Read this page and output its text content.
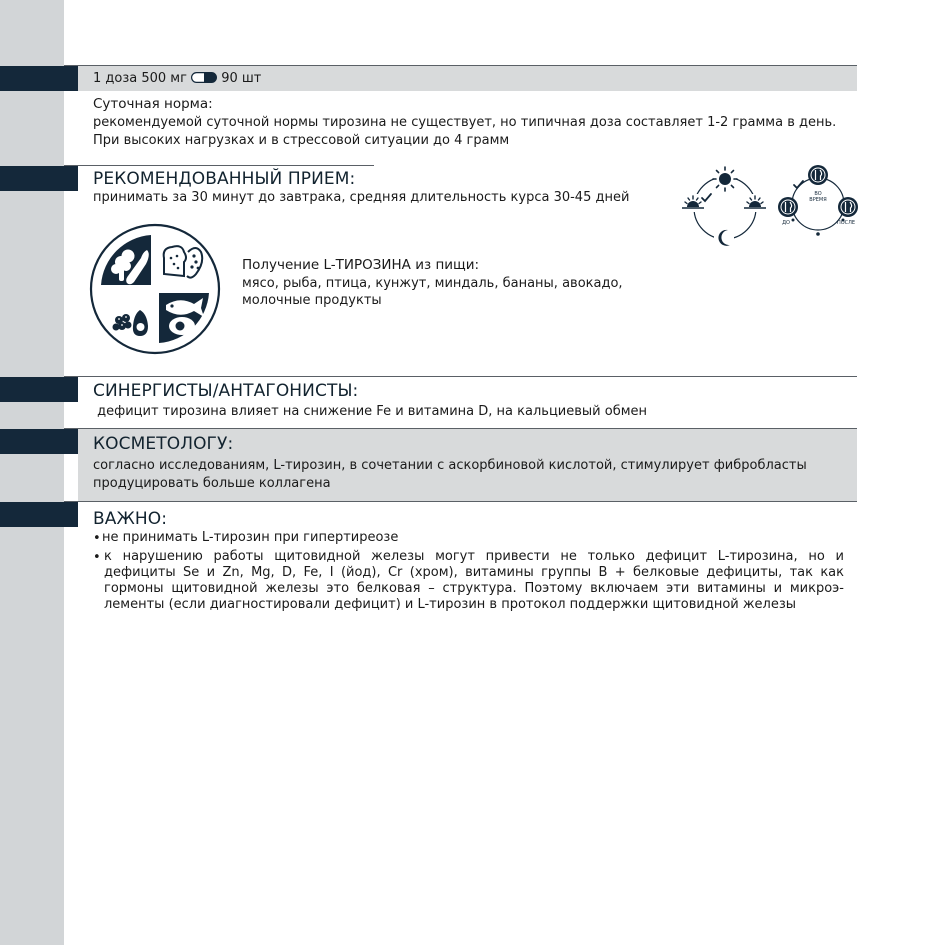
1 доза 500 мг	90 шт
Суточная норма:
рекомендуемой суточной нормы тирозина не существует, но типичная доза составляет 1-2 грамма в день.
При высоких нагрузках и в стрессовой ситуации до 4 грамм
РЕКОМЕНДОВАННЫЙ ПРИЕМ:
принимать за 30 минут до завтрака, средняя длительность курса 30-45 дней	ВО
ВРЕМЯ
ДО	ПОСЛЕ
Получение L-ТИРОЗИНА из пищи:
мясо, рыба, птица, кунжут, миндаль, бананы, авокадо,
молочные продукты
СИНЕРГИСТЫ/АНТАГОНИСТЫ:
дефицит тирозина влияет на снижение Fe и витамина D, на кальциевый обмен
КОСМЕТОЛОГУ:
согласно исследованиям, L-тирозин, в сочетании с аскорбиновой кислотой, стимулирует фибробласты
продуцировать больше коллагена
ВАЖНО:
• не принимать L-тирозин при гипертиреозе
• к нарушению работы щитовидной железы могут привести не только дефицит L-тирозина, но и
дефициты Se и Zn, Mg, D, Fe, I (йод), Cr (хром), витамины группы В + белковые дефициты, так как
гормоны щитовидной железы это белковая – структура. Поэтому включаем эти витамины и микроэ-
лементы (если диагностировали дефицит) и L-тирозин в протокол поддержки щитовидной железы
